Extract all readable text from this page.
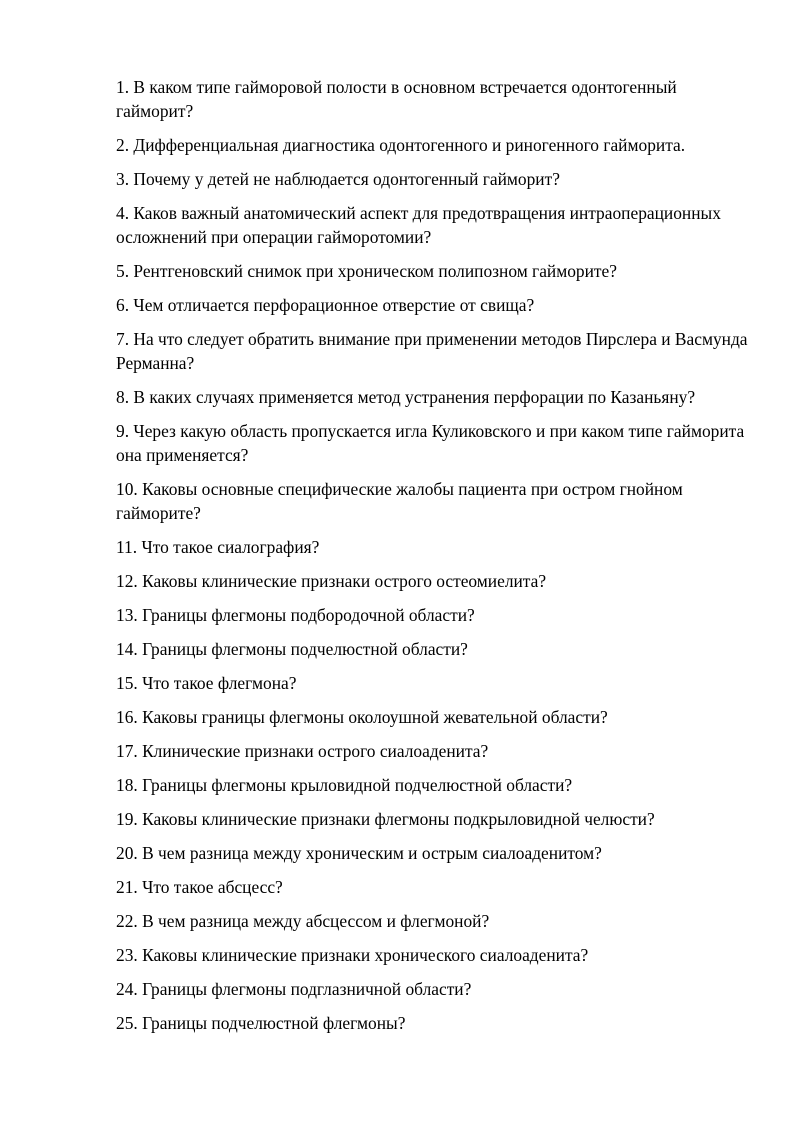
1. В каком типе гайморовой полости в основном встречается одонтогенный гайморит?
2. Дифференциальная диагностика одонтогенного и риногенного гайморита.
3. Почему у детей не наблюдается одонтогенный гайморит?
4. Каков важный анатомический аспект для предотвращения интраоперационных осложнений при операции гайморотомии?
5. Рентгеновский снимок при хроническом полипозном гайморите?
6. Чем отличается перфорационное отверстие от свища?
7. На что следует обратить внимание при применении методов Пирслера и Васмунда Рерманна?
8. В каких случаях применяется метод устранения перфорации по Казаньяну?
9. Через какую область пропускается игла Куликовского и при каком типе гайморита она применяется?
10. Каковы основные специфические жалобы пациента при остром гнойном гайморите?
11. Что такое сиалография?
12. Каковы клинические признаки острого остеомиелита?
13. Границы флегмоны подбородочной области?
14. Границы флегмоны подчелюстной области?
15. Что такое флегмона?
16. Каковы границы флегмоны околоушной жевательной области?
17. Клинические признаки острого сиалоаденита?
18. Границы флегмоны крыловидной подчелюстной области?
19. Каковы клинические признаки флегмоны подкрыловидной челюсти?
20. В чем разница между хроническим и острым сиалоаденитом?
21. Что такое абсцесс?
22. В чем разница между абсцессом и флегмоной?
23. Каковы клинические признаки хронического сиалоаденита?
24. Границы флегмоны подглазничной области?
25. Границы подчелюстной флегмоны?
